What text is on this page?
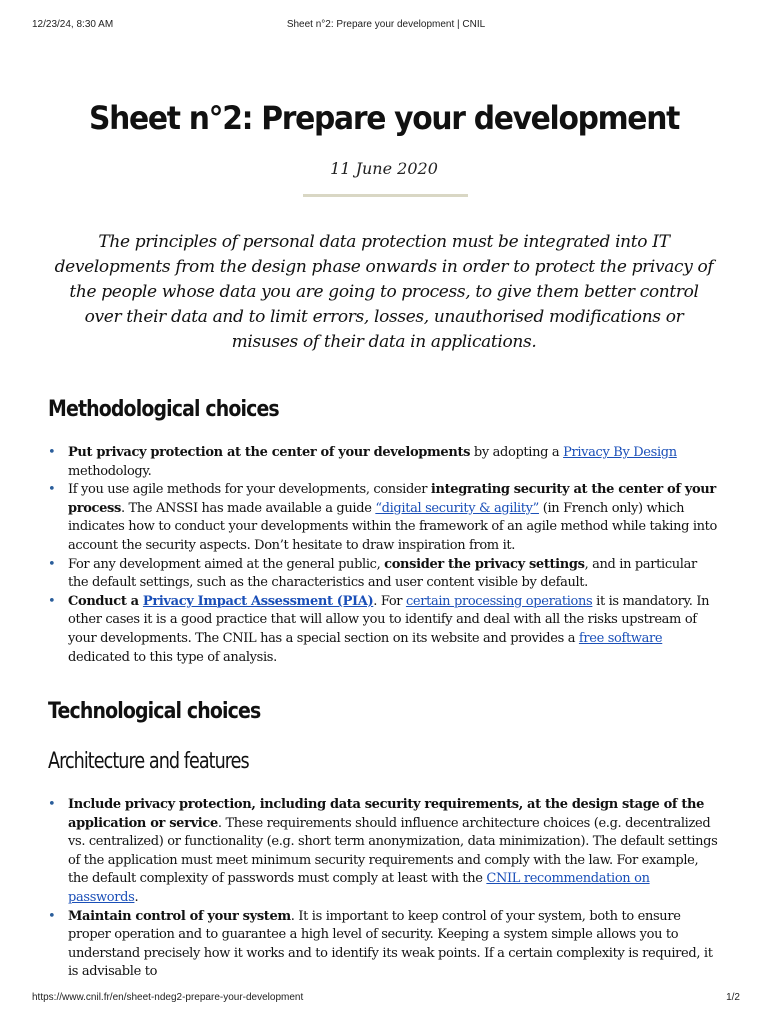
12/23/24, 8:30 AM	Sheet n°2: Prepare your development | CNIL
Sheet n°2: Prepare your development
11 June 2020

The principles of personal data protection must be integrated into IT developments from the design phase onwards in order to protect the privacy of the people whose data you are going to process, to give them better control over their data and to limit errors, losses, unauthorised modifications or misuses of their data in applications.

Methodological choices
• Put privacy protection at the center of your developments by adopting a Privacy By Design methodology.
• If you use agile methods for your developments, consider integrating security at the center of your process. The ANSSI has made available a guide “digital security & agility” (in French only) which indicates how to conduct your developments within the framework of an agile method while taking into account the security aspects. Don’t hesitate to draw inspiration from it.
• For any development aimed at the general public, consider the privacy settings, and in particular the default settings, such as the characteristics and user content visible by default.
• Conduct a Privacy Impact Assessment (PIA). For certain processing operations it is mandatory. In other cases it is a good practice that will allow you to identify and deal with all the risks upstream of your developments. The CNIL has a special section on its website and provides a free software dedicated to this type of analysis.
Technological choices
Architecture and features
• Include privacy protection, including data security requirements, at the design stage of the application or service. These requirements should influence architecture choices (e.g. decentralized vs. centralized) or functionality (e.g. short term anonymization, data minimization). The default settings of the application must meet minimum security requirements and comply with the law. For example, the default complexity of passwords must comply at least with the CNIL recommendation on passwords.
• Maintain control of your system. It is important to keep control of your system, both to ensure proper operation and to guarantee a high level of security. Keeping a system simple allows you to understand precisely how it works and to identify its weak points. If a certain complexity is required, it is advisable to
https://www.cnil.fr/en/sheet-ndeg2-prepare-your-development	1/2
